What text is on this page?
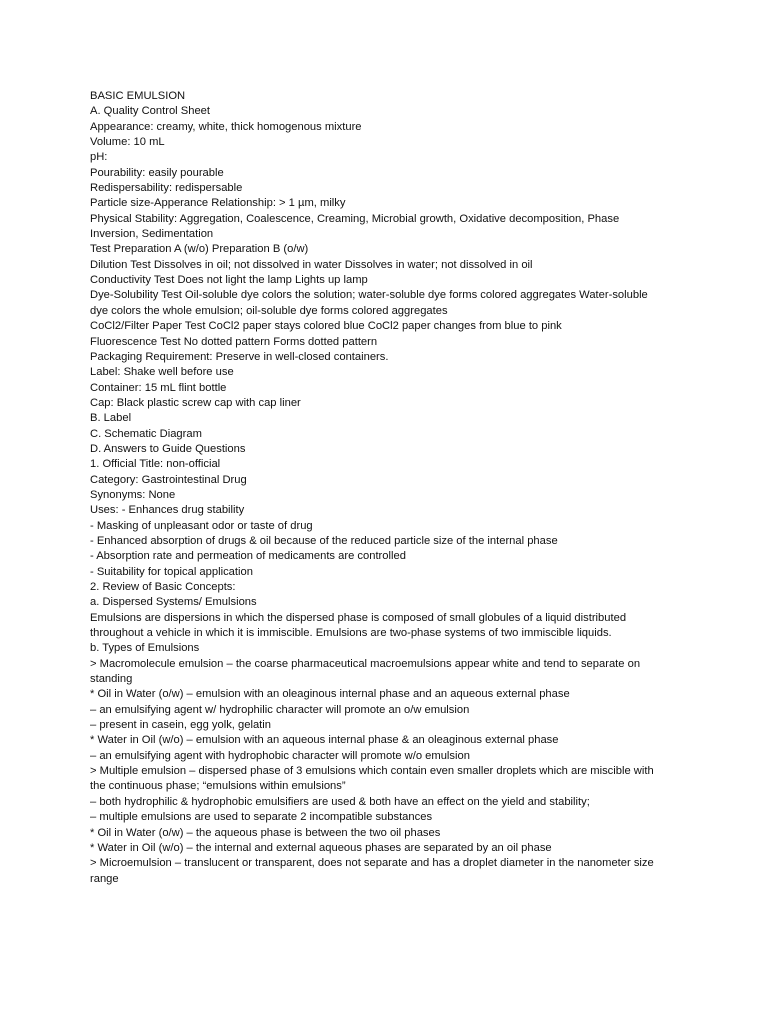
BASIC EMULSION
A. Quality Control Sheet
Appearance: creamy, white, thick homogenous mixture
Volume: 10 mL
pH:
Pourability: easily pourable
Redispersability: redispersable
Particle size-Apperance Relationship: > 1 µm, milky
Physical Stability: Aggregation, Coalescence, Creaming, Microbial growth, Oxidative decomposition, Phase
Inversion, Sedimentation
Test Preparation A (w/o) Preparation B (o/w)
Dilution Test Dissolves in oil; not dissolved in water Dissolves in water; not dissolved in oil
Conductivity Test Does not light the lamp Lights up lamp
Dye-Solubility Test Oil-soluble dye colors the solution; water-soluble dye forms colored aggregates Water-soluble
dye colors the whole emulsion; oil-soluble dye forms colored aggregates
CoCl2/Filter Paper Test CoCl2 paper stays colored blue CoCl2 paper changes from blue to pink
Fluorescence Test No dotted pattern Forms dotted pattern
Packaging Requirement: Preserve in well-closed containers.
Label: Shake well before use
Container: 15 mL flint bottle
Cap: Black plastic screw cap with cap liner
B. Label
C. Schematic Diagram
D. Answers to Guide Questions
1. Official Title: non-official
Category: Gastrointestinal Drug
Synonyms: None
Uses: - Enhances drug stability
- Masking of unpleasant odor or taste of drug
- Enhanced absorption of drugs & oil because of the reduced particle size of the internal phase
- Absorption rate and permeation of medicaments are controlled
- Suitability for topical application
2. Review of Basic Concepts:
a. Dispersed Systems/ Emulsions
Emulsions are dispersions in which the dispersed phase is composed of small globules of a liquid distributed
throughout a vehicle in which it is immiscible. Emulsions are two-phase systems of two immiscible liquids.
b. Types of Emulsions
> Macromolecule emulsion – the coarse pharmaceutical macroemulsions appear white and tend to separate on
standing
* Oil in Water (o/w) – emulsion with an oleaginous internal phase and an aqueous external phase
– an emulsifying agent w/ hydrophilic character will promote an o/w emulsion
– present in casein, egg yolk, gelatin
* Water in Oil (w/o) – emulsion with an aqueous internal phase & an oleaginous external phase
– an emulsifying agent with hydrophobic character will promote w/o emulsion
> Multiple emulsion – dispersed phase of 3 emulsions which contain even smaller droplets which are miscible with
the continuous phase; “emulsions within emulsions”
– both hydrophilic & hydrophobic emulsifiers are used & both have an effect on the yield and stability;
– multiple emulsions are used to separate 2 incompatible substances
* Oil in Water (o/w) – the aqueous phase is between the two oil phases
* Water in Oil (w/o) – the internal and external aqueous phases are separated by an oil phase
> Microemulsion – translucent or transparent, does not separate and has a droplet diameter in the nanometer size
range
